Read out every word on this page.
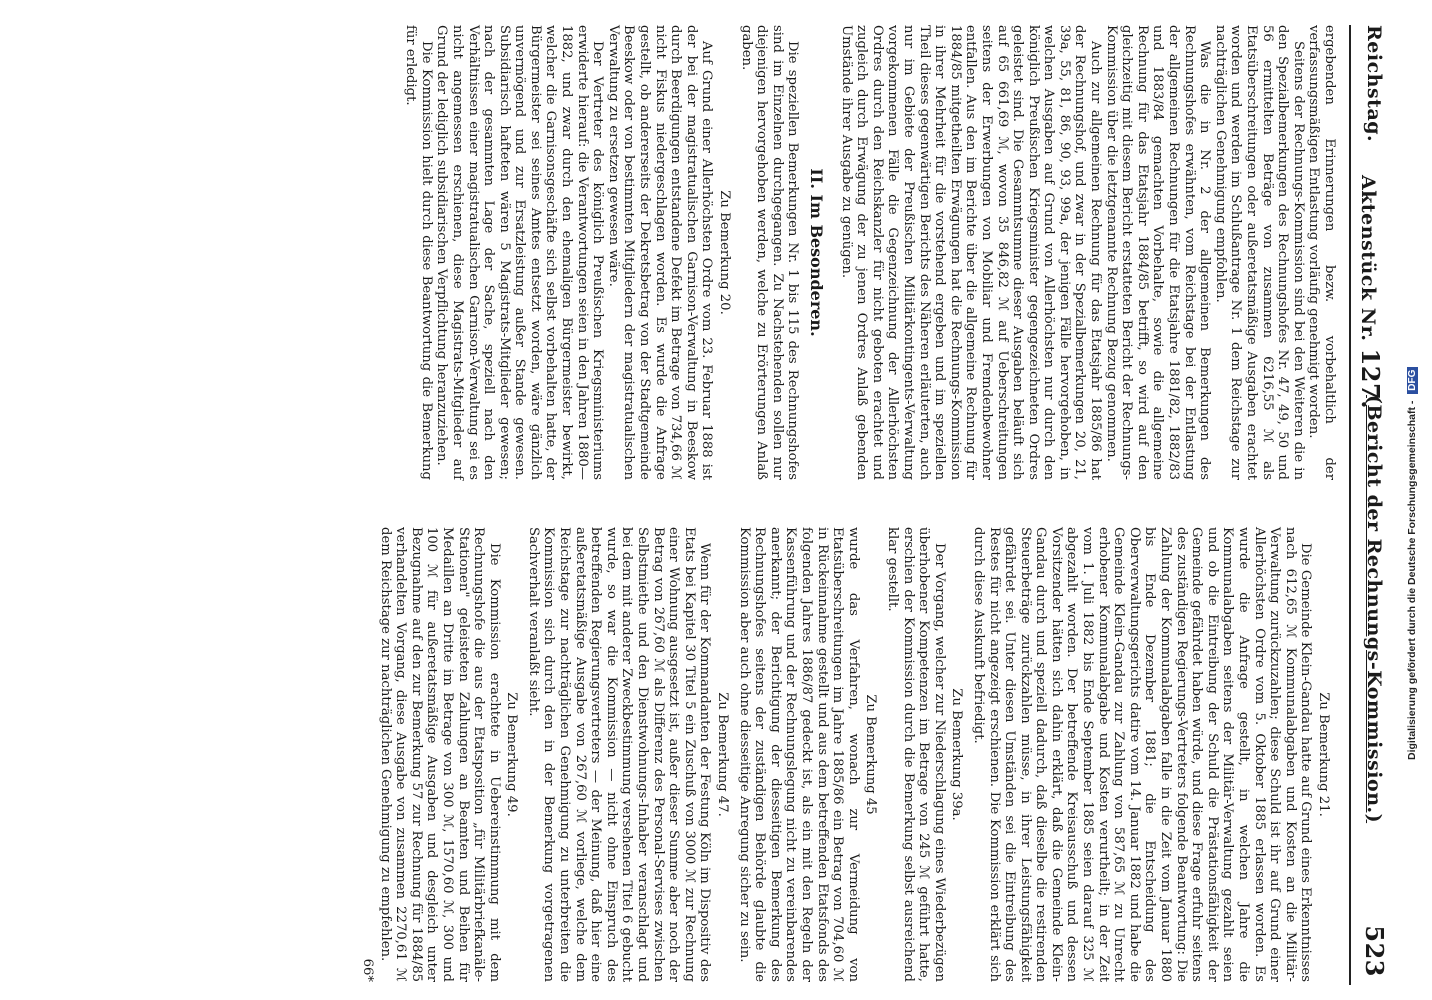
Reichstag.
Aktenstück Nr. 127.
(Bericht der Rechnungs-Kommission.)
523

ergebenden Erinnerungen bezw. vorbehaltlich der verfassungsmäßigen Entlastung vorläufig genehmigt worden.

Seitens der Rechnungs-Kommission sind bei den Weiteren die in den Spezialbemerkungen des Rechnungshofes Nr. 47, 49, 50 und 56 ermittelten Beträge von zusammen 6216,55 ℳ als Etatsüberschreitungen oder außeretatsmäßige Ausgaben erachtet worden und werden im Schlußantrage Nr. 1 dem Reichstage zur nachträglichen Genehmigung empfohlen.

Was die in Nr. 2 der allgemeinen Bemerkungen des Rechnungshofes erwähnten, vom Reichstage bei der Entlastung der allgemeinen Rechnungen für die Etatsjahre 1881/82, 1882/83 und 1883/84 gemachten Vorbehalte, sowie die allgemeine Rechnung für das Etatsjahr 1884/85 betrifft, so wird auf den gleichzeitig mit diesem Bericht erstatteten Bericht der Rechnungs-Kommission über die letztgenannte Rechnung Bezug genommen.

Auch zur allgemeinen Rechnung für das Etatsjahr 1885/86 hat der Rechnungshof, und zwar in der Spezialbemerkungen 20, 21, 39a, 55, 81, 86, 90, 93, 99a, der jenigen Fälle hervorgehoben, in welchen Ausgaben auf Grund von Allerhöchsten nur durch den königlich Preußischen Kriegsminister gegengezeichneten Ordres geleistet sind. Die Gesammtsumme dieser Ausgaben beläuft sich auf 65 661,69 ℳ, wovon 35 846,82 ℳ auf Ueberschreitungen seitens der Erwerbungen von Mobiliar und Fremdenbewohner entfallen. Aus den im Berichte über die allgemeine Rechnung für 1884/85 mitgetheilten Erwägungen hat die Rechnungs-Kommission in ihrer Mehrheit für die vorstehend ergeben und im speziellen Theil dieses gegenwärtigen Berichts des Näheren erläuterten, auch nur im Gebiete der Preußischen Militärkontingents-Verwaltung vorgekommenen Fälle die Gegenzeichnung der Allerhöchsten Ordres durch den Reichskanzler für nicht geboten erachtet und zugleich durch Erwägung der zu jenen Ordres Anlaß gebenden Umstände ihrer Ausgabe zu genügen.

II. Im Besonderen.

Die speziellen Bemerkungen Nr. 1 bis 115 des Rechnungshofes sind im Einzelnen durchgegangen. Zu Nachstehenden sollen nur diejenigen hervorgehoben werden, welche zu Erörterungen Anlaß gaben.

Zu Bemerkung 20.

Auf Grund einer Allerhöchsten Ordre vom 23. Februar 1888 ist der bei der magistratualischen Garnison-Verwaltung in Beeskow durch Beerdigungen entstandene Defekt im Betrage von 734,66 ℳ nicht Fiskus niedergeschlagen worden. Es wurde die Anfrage gestellt, ob andererseits der Dekretsbetrag von der Stadtgemeinde Beeskow oder von bestimmten Mitgliedern der magistratualischen Verwaltung zu ersetzen gewesen wäre.

Der Vertreter des königlich Preußischen Kriegsministeriums erwiderte hierauf: die Verantwortungen seien in den Jahren 1880—1882, und zwar durch den ehemaligen Bürgermeister bewirkt, welcher die Garnisonsgeschäfte sich selbst vorbehalten hatte, der Bürgermeister sei seines Amtes entsetzt worden, wäre gänzlich unvermögend und zur Ersatzleistung außer Stande gewesen. Subsidiarisch hafteten wären 5 Magistrats-Mitglieder gewesen; nach der gesammten Lage der Sache, speziell nach den Verhältnissen einer magistratualischen Garnison-Verwaltung sei es nicht angemessen erschienen, diese Magistrats-Mitglieder auf Grund der lediglich subsidiarischen Verpflichtung heranzuziehen.

Die Kommission hielt durch diese Beantwortung die Bemerkung für erledigt.

Zu Bemerkung 21.

Die Gemeinde Klein-Gandau hatte auf Grund eines Erkenntnisses nach 612,65 ℳ Kommunalabgaben und Kosten an die Militär-Verwaltung zurückzuzahlen; diese Schuld ist ihr auf Grund einer Allerhöchsten Ordre vom 5. Oktober 1885 erlassen worden. Es wurde die Anfrage gestellt, in welchen Jahre die Kommunalabgaben seitens der Militär-Verwaltung gezahlt seien und ob die Eintreibung der Schuld die Prästationsfähigkeit der Gemeinde gefährdet haben würde, und diese Frage erfuhr seitens des zuständigen Regierungs-Vertreters folgende Beantwortung: Die Zahlung der Kommunalabgaben falle in die Zeit vom Januar 1880 bis Ende Dezember 1881; die Entscheidung des Oberverwaltungsgerichts datire vom 14. Januar 1882 und habe die Gemeinde Klein-Gandau zur Zahlung von 587,65 ℳ zu Unrecht erhobener Kommunalabgabe und Kosten verurtheilt; in der Zeit vom 1. Juli 1882 bis Ende September 1885 seien darauf 325 ℳ abgezahlt worden. Der betreffende Kreisausschuß und dessen Vorsitzender hätten sich dahin erklärt, daß die Gemeinde Klein-Gandau durch und speziell dadurch, daß dieselbe die restirenden Steuerbeträge zurückzahlen müsse, in ihrer Leistungsfähigkeit gefährdet sei. Unter diesen Umständen sei die Eintreibung des Restes für nicht angezeigt erschienen. Die Kommission erklärt sich durch diese Auskunft befriedigt.

Zu Bemerkung 39a.

Der Vorgang, welcher zur Niederschlagung eines Wiederbezügen überhobener Kompetenzen im Betrage von 245 ℳ geführt hatte, erschien der Kommission durch die Bemerkung selbst ausreichend klar gestellt.

Zu Bemerkung 45

wurde das Verfahren, wonach zur Vermeidung von Etatsüberschreitungen im Jahre 1885/86 ein Betrag von 704,60 ℳ in Rückeinnahme gestellt und aus dem betreffenden Etatsfonds des folgenden Jahres 1886/87 gedeckt ist, als ein mit den Regeln der Kassenführung und der Rechnungslegung nicht zu vereinbarendes anerkannt; der Berichtigung der diesseitigen Bemerkung des Rechnungshofes seitens der zuständigen Behörde glaubte die Kommission aber auch ohne diesseitige Anregung sicher zu sein.

Zu Bemerkung 47.

Wenn für der Kommandanten der Festung Köln im Dispositiv des Etats bei Kapitel 30 Titel 5 ein Zuschuß von 3000 ℳ zur Rechnung einer Wohnung ausgesetzt ist, außer dieser Summe aber noch der Betrag von 267,60 ℳ als Differenz des Personal-Servises zwischen Selbstmiethe und den Dienstwohnungs-Inhaber veranschlagt und bei dem mit anderer Zweckbestimmung versehenen Titel 6 gebucht wurde, so war die Kommission — nicht ohne Einspruch des betreffenden Regierungsvertreters — der Meinung, daß hier eine außeretatsmäßige Ausgabe von 267,60 ℳ vorliege, welche dem Reichstage zur nachträglichen Genehmigung zu unterbreiten die Kommission sich durch den in der Bemerkung vorgetragenen Sachverhalt veranlaßt sieht.

Zu Bemerkung 49.

Die Kommission erachtete in Uebereinstimmung mit dem Rechnungshofe die aus der Etatsposition „für Militärbriefkanäle-Stationen" geleisteten Zahlungen an Beamten und Beihen für Medaillen an Dritte im Betrage von 300 ℳ, 1570,60 ℳ, 300 und 100 ℳ für außeretatsmäßige Ausgaben und desgleich unter Bezugnahme auf den zur Bemerkung 57 zur Rechnung für 1884/85 verhandelten Vorgang, diese Ausgabe von zusammen 2270,61 ℳ dem Reichstage zur nachträglichen Genehmigung zu empfehlen.

66*
Digitalisierung gefördert durch die Deutsche Forschungsgemeinschaft - DFG
